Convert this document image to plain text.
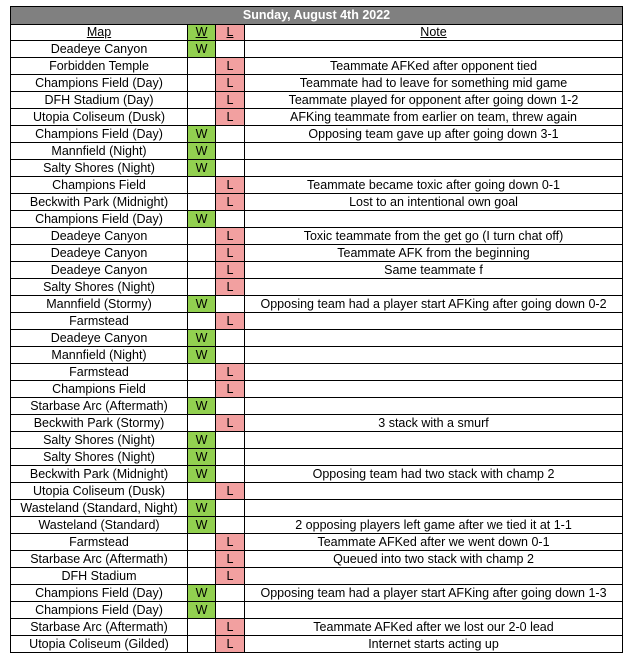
Sunday, August 4th 2022			
Map	W	L	Note
Deadeye Canyon	W		
Forbidden Temple		L	Teammate AFKed after opponent tied
Champions Field (Day)		L	Teammate had to leave for something mid game
DFH Stadium (Day)		L	Teammate played for opponent after going down 1-2
Utopia Coliseum (Dusk)		L	AFKing teammate from earlier on team, threw again
Champions Field (Day)	W		Opposing team gave up after going down 3-1
Mannfield (Night)	W		
Salty Shores (Night)	W		
Champions Field		L	Teammate became toxic after going down 0-1
Beckwith Park (Midnight)		L	Lost to an intentional own goal
Champions Field (Day)	W		
Deadeye Canyon		L	Toxic teammate from the get go (I turn chat off)
Deadeye Canyon		L	Teammate AFK from the beginning
Deadeye Canyon		L	Same teammate f
Salty Shores (Night)		L	
Mannfield (Stormy)	W		Opposing team had a player start AFKing after going down 0-2
Farmstead		L	
Deadeye Canyon	W		
Mannfield (Night)	W		
Farmstead		L	
Champions Field		L	
Starbase Arc (Aftermath)	W		
Beckwith Park (Stormy)		L	3 stack with a smurf
Salty Shores (Night)	W		
Salty Shores (Night)	W		
Beckwith Park (Midnight)	W		Opposing team had two stack with champ 2
Utopia Coliseum (Dusk)		L	
Wasteland (Standard, Night)	W		
Wasteland (Standard)	W		2 opposing players left game after we tied it at 1-1
Farmstead		L	Teammate AFKed after we went down 0-1
Starbase Arc (Aftermath)		L	Queued into two stack with champ 2
DFH Stadium		L	
Champions Field (Day)	W		Opposing team had a player start AFKing after going down 1-3
Champions Field (Day)	W		
Starbase Arc (Aftermath)		L	Teammate AFKed after we lost our 2-0 lead
Utopia Coliseum (Gilded)		L	Internet starts acting up
